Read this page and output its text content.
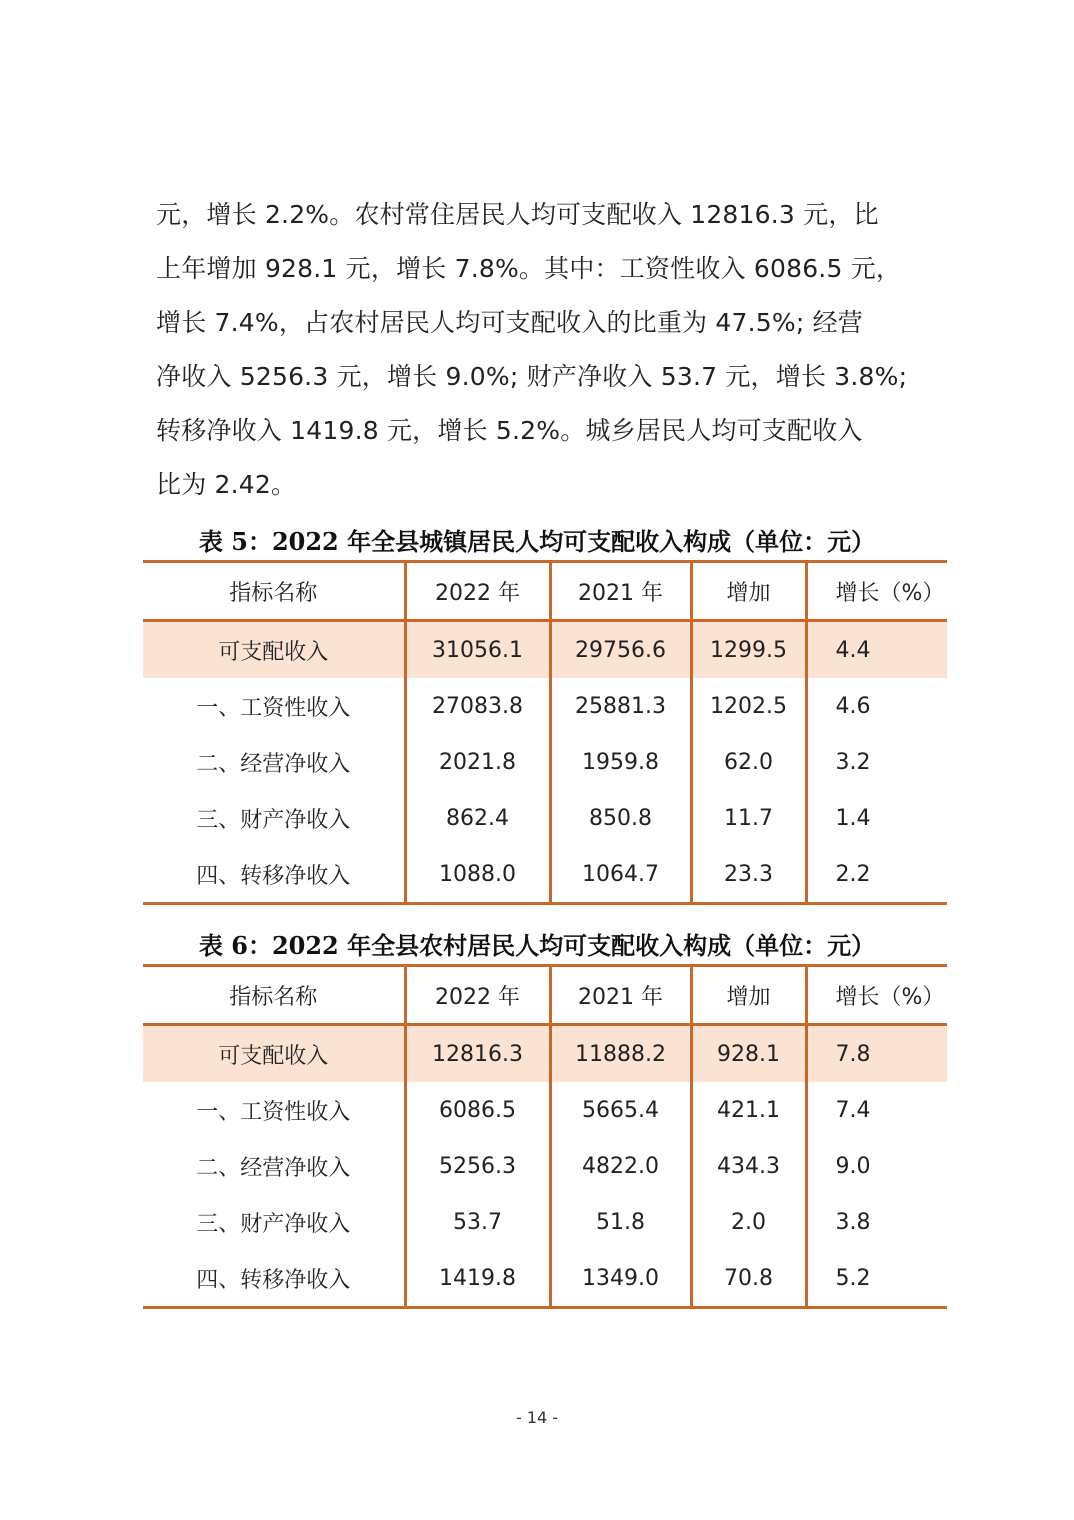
元，增长 2.2%。农村常住居民人均可支配收入 12816.3 元，比
上年增加 928.1 元，增长 7.8%。其中：工资性收入 6086.5 元，
增长 7.4%，占农村居民人均可支配收入的比重为 47.5%; 经营
净收入 5256.3 元，增长 9.0%; 财产净收入 53.7 元，增长 3.8%;
转移净收入 1419.8 元，增长 5.2%。城乡居民人均可支配收入
比为 2.42。
表 5：2022 年全县城镇居民人均可支配收入构成（单位：元）
指标名称	2022 年	2021 年	增加	增长（%）
可支配收入	31056.1	29756.6	1299.5	4.4
一、工资性收入	27083.8	25881.3	1202.5	4.6
二、经营净收入	2021.8	1959.8	62.0	3.2
三、财产净收入	862.4	850.8	11.7	1.4
四、转移净收入	1088.0	1064.7	23.3	2.2
表 6：2022 年全县农村居民人均可支配收入构成（单位：元）
指标名称	2022 年	2021 年	增加	增长（%）
可支配收入	12816.3	11888.2	928.1	7.8
一、工资性收入	6086.5	5665.4	421.1	7.4
二、经营净收入	5256.3	4822.0	434.3	9.0
三、财产净收入	53.7	51.8	2.0	3.8
四、转移净收入	1419.8	1349.0	70.8	5.2
- 14 -
